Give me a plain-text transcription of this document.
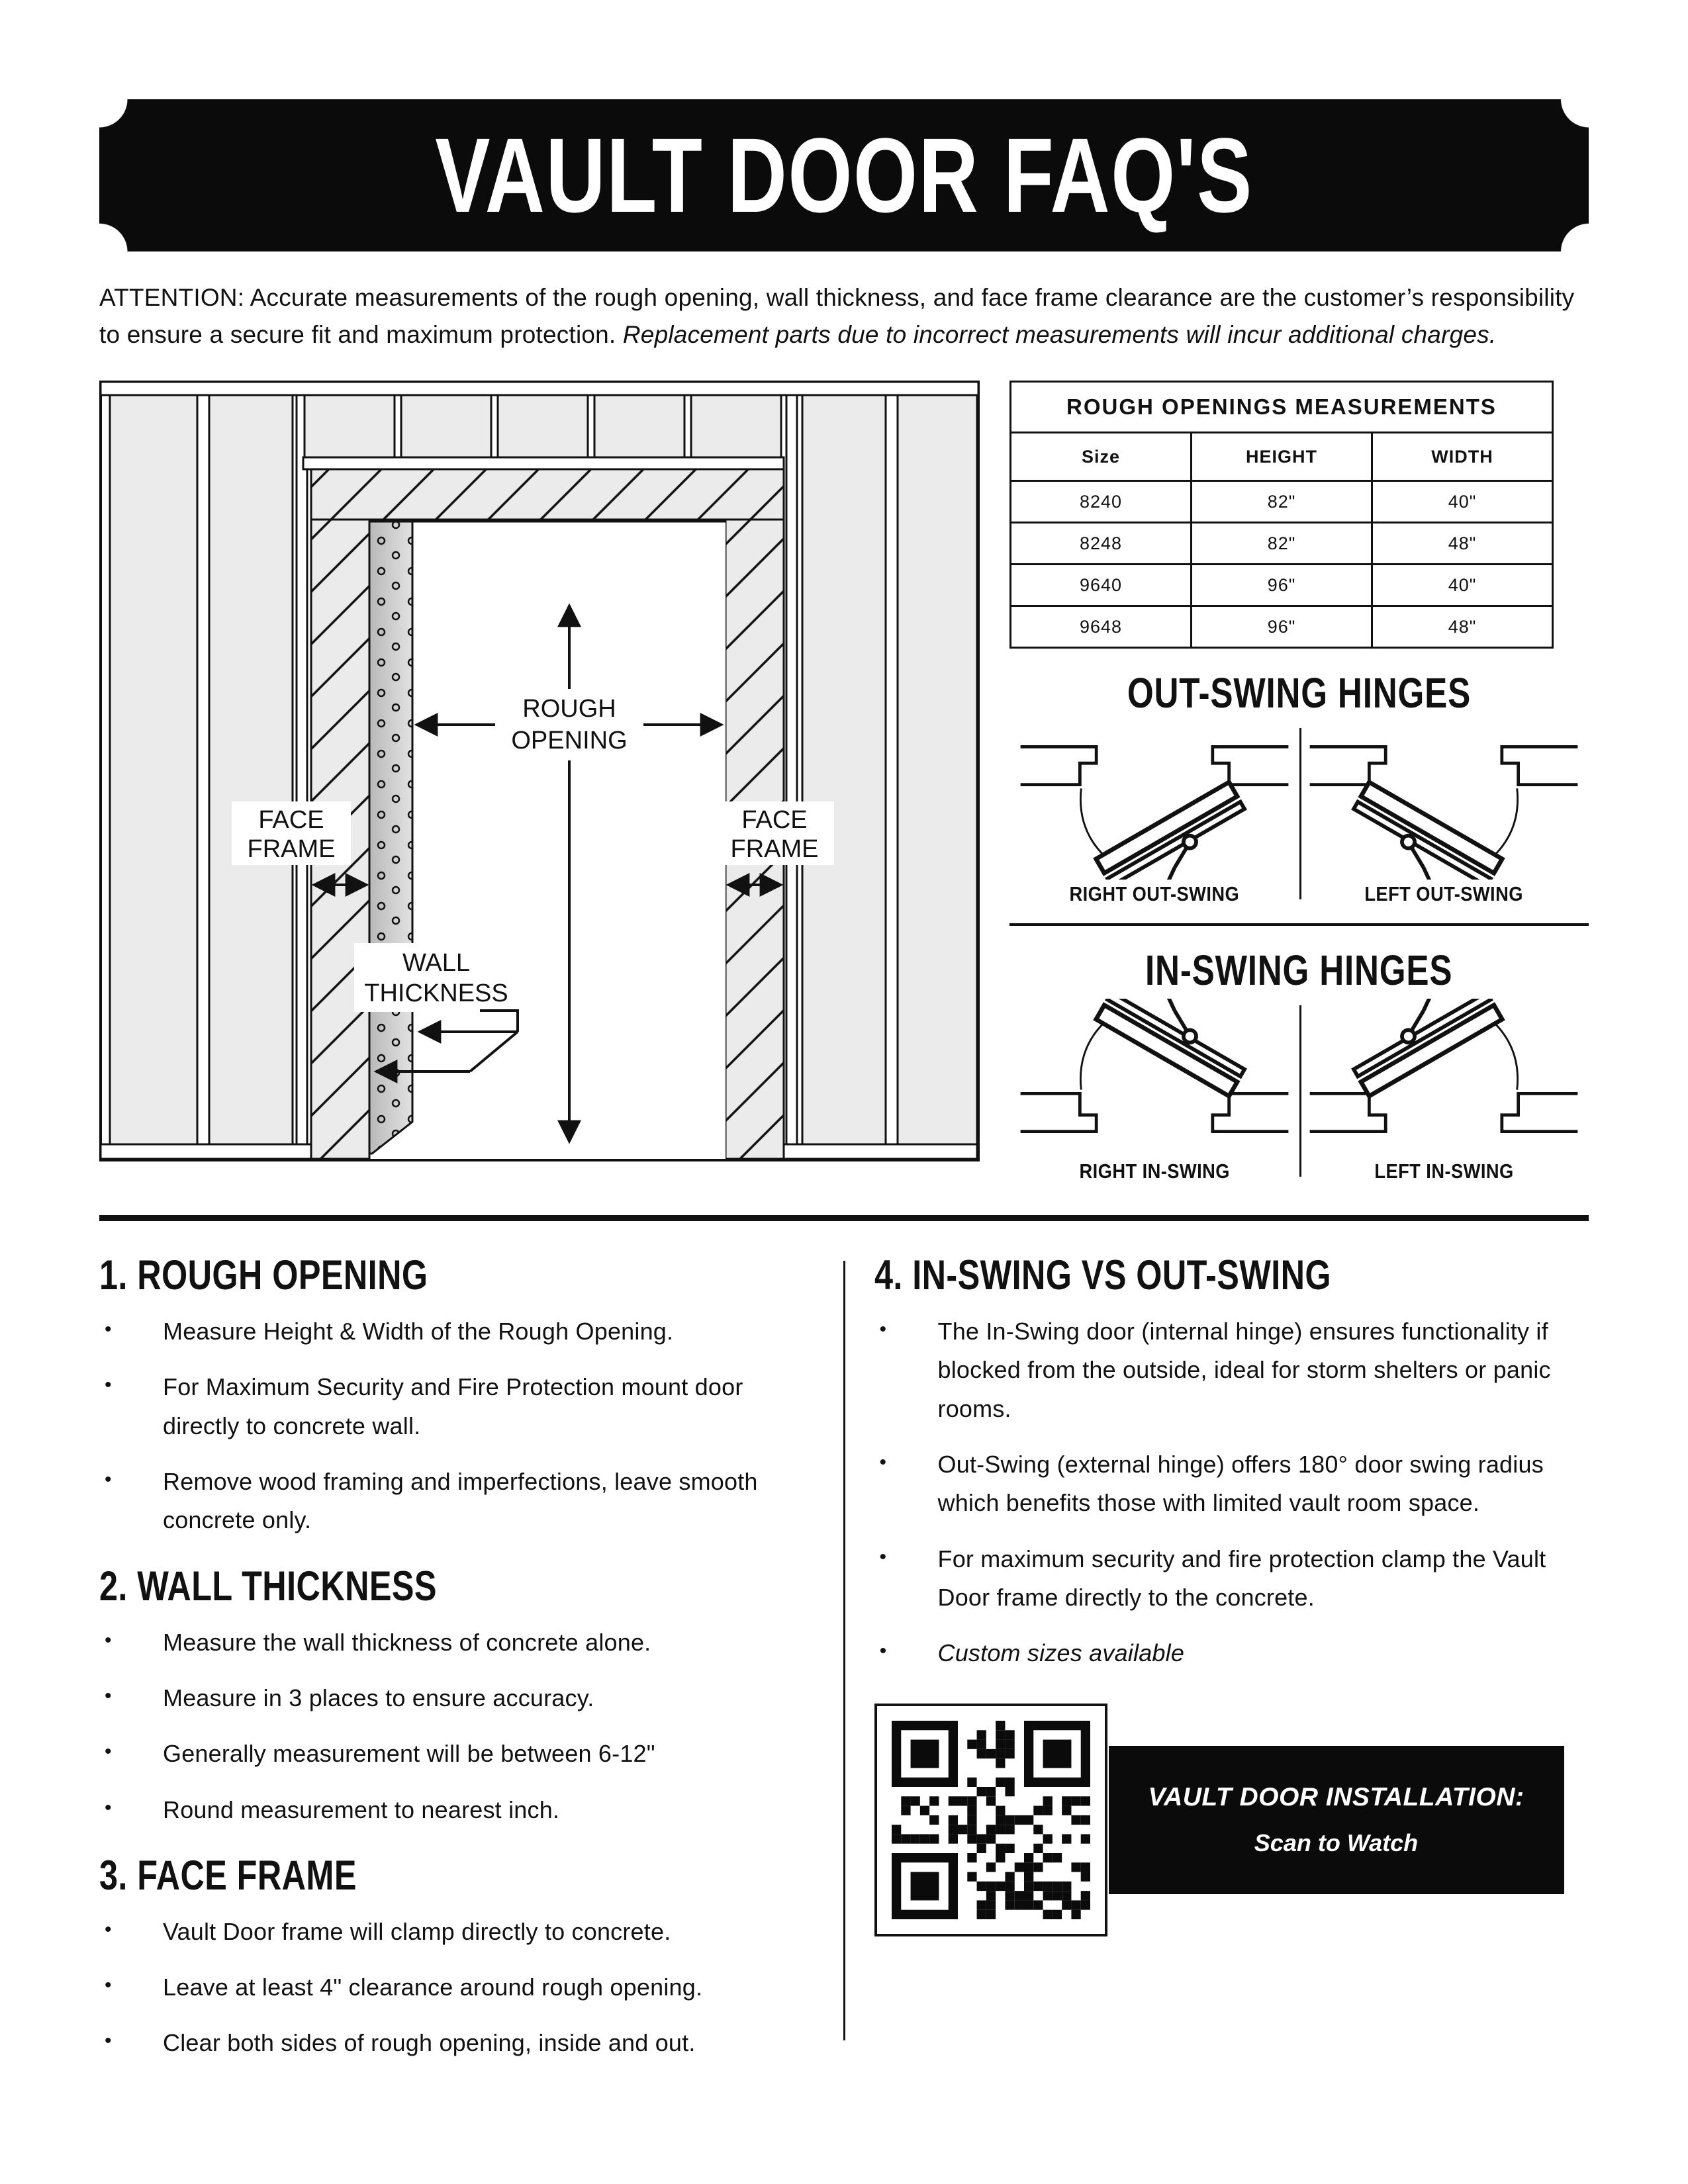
VAULT DOOR FAQ'S

ATTENTION: Accurate measurements of the rough opening, wall thickness, and face frame clearance are the customer’s responsibility to ensure a secure fit and maximum protection. Replacement parts due to incorrect measurements will incur additional charges.

ROUGH
OPENING
FACE
FRAME
FACE
FRAME
WALL
THICKNESS
ROUGH OPENINGS MEASUREMENTS		
Size	HEIGHT	WIDTH
8240	82"	40"
8248	82"	48"
9640	96"	40"
9648	96"	48"
OUT-SWING HINGES
RIGHT OUT-SWING	LEFT OUT-SWING
IN-SWING HINGES
RIGHT IN-SWING	LEFT IN-SWING
1. ROUGH OPENING
• Measure Height & Width of the Rough Opening.
• For Maximum Security and Fire Protection mount door directly to concrete wall.
• Remove wood framing and imperfections, leave smooth concrete only.
2. WALL THICKNESS
• Measure the wall thickness of concrete alone.
• Measure in 3 places to ensure accuracy.
• Generally measurement will be between 6-12"
• Round measurement to nearest inch.
3. FACE FRAME
• Vault Door frame will clamp directly to concrete.
• Leave at least 4" clearance around rough opening.
• Clear both sides of rough opening, inside and out.
4. IN-SWING VS OUT-SWING
• The In-Swing door (internal hinge) ensures functionality if blocked from the outside, ideal for storm shelters or panic rooms.
• Out-Swing (external hinge) offers 180° door swing radius which benefits those with limited vault room space.
• For maximum security and fire protection clamp the Vault Door frame directly to the concrete.
• Custom sizes available
VAULT DOOR INSTALLATION:
Scan to Watch
